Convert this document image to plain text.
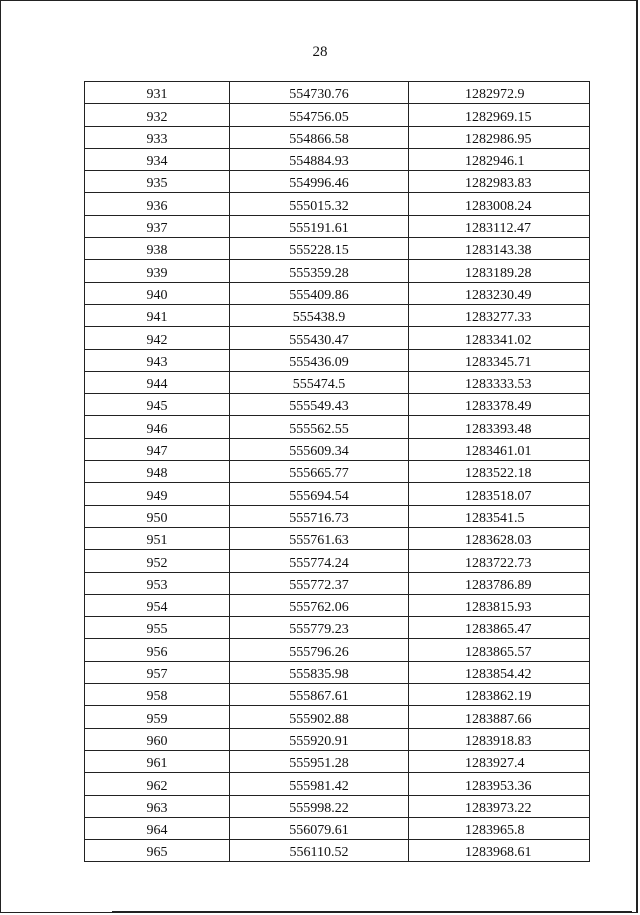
28
931	554730.76	1282972.9
932	554756.05	1282969.15
933	554866.58	1282986.95
934	554884.93	1282946.1
935	554996.46	1282983.83
936	555015.32	1283008.24
937	555191.61	1283112.47
938	555228.15	1283143.38
939	555359.28	1283189.28
940	555409.86	1283230.49
941	555438.9	1283277.33
942	555430.47	1283341.02
943	555436.09	1283345.71
944	555474.5	1283333.53
945	555549.43	1283378.49
946	555562.55	1283393.48
947	555609.34	1283461.01
948	555665.77	1283522.18
949	555694.54	1283518.07
950	555716.73	1283541.5
951	555761.63	1283628.03
952	555774.24	1283722.73
953	555772.37	1283786.89
954	555762.06	1283815.93
955	555779.23	1283865.47
956	555796.26	1283865.57
957	555835.98	1283854.42
958	555867.61	1283862.19
959	555902.88	1283887.66
960	555920.91	1283918.83
961	555951.28	1283927.4
962	555981.42	1283953.36
963	555998.22	1283973.22
964	556079.61	1283965.8
965	556110.52	1283968.61
